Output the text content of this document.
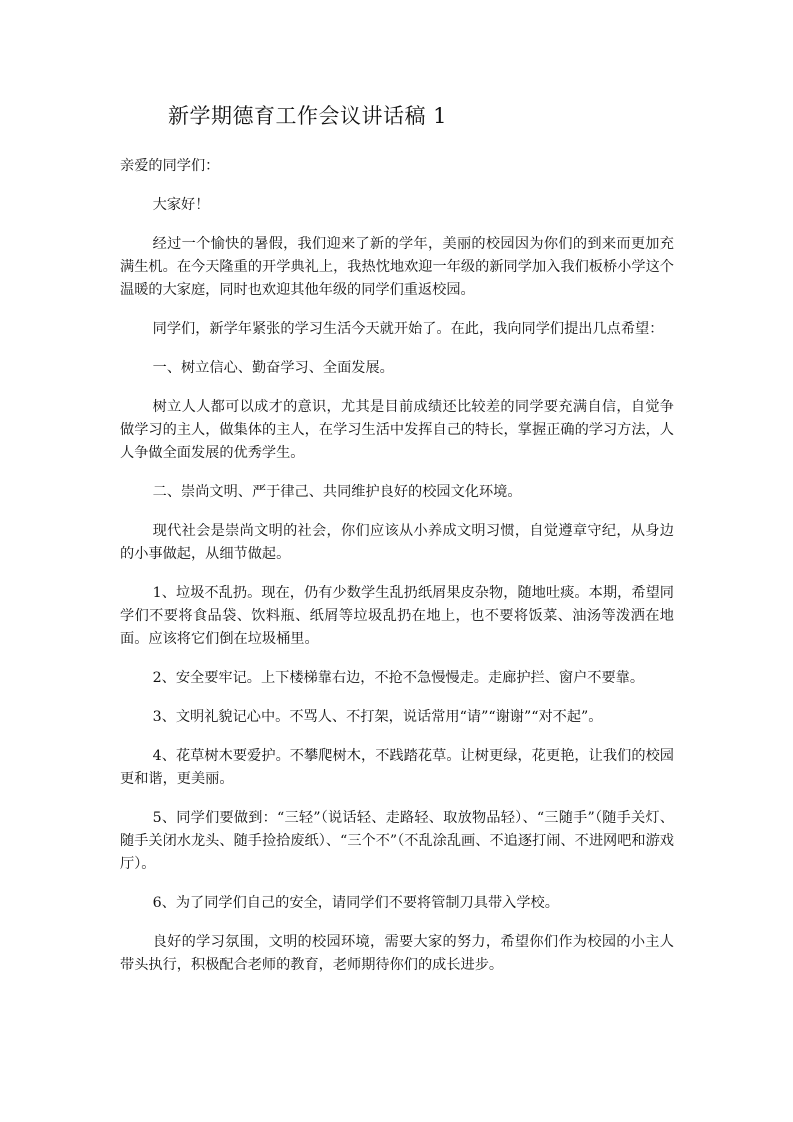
新学期德育工作会议讲话稿 1

亲爱的同学们：

大家好！

经过一个愉快的暑假，我们迎来了新的学年，美丽的校园因为你们的到来而更加充满生机。在今天隆重的开学典礼上，我热忱地欢迎一年级的新同学加入我们板桥小学这个温暖的大家庭，同时也欢迎其他年级的同学们重返校园。

同学们，新学年紧张的学习生活今天就开始了。在此，我向同学们提出几点希望：

一、树立信心、勤奋学习、全面发展。

树立人人都可以成才的意识，尤其是目前成绩还比较差的同学要充满自信，自觉争做学习的主人，做集体的主人，在学习生活中发挥自己的特长，掌握正确的学习方法，人人争做全面发展的优秀学生。

二、崇尚文明、严于律己、共同维护良好的校园文化环境。

现代社会是崇尚文明的社会，你们应该从小养成文明习惯，自觉遵章守纪，从身边的小事做起，从细节做起。

1、垃圾不乱扔。现在，仍有少数学生乱扔纸屑果皮杂物，随地吐痰。本期，希望同学们不要将食品袋、饮料瓶、纸屑等垃圾乱扔在地上，也不要将饭菜、油汤等泼洒在地面。应该将它们倒在垃圾桶里。

2、安全要牢记。上下楼梯靠右边，不抢不急慢慢走。走廊护拦、窗户不要靠。

3、文明礼貌记心中。不骂人、不打架，说话常用“请”“谢谢”“对不起”。

4、花草树木要爱护。不攀爬树木，不践踏花草。让树更绿，花更艳，让我们的校园更和谐，更美丽。

5、同学们要做到：“三轻”（说话轻、走路轻、取放物品轻）、“三随手”（随手关灯、随手关闭水龙头、随手捡拾废纸）、“三个不”（不乱涂乱画、不追逐打闹、不进网吧和游戏厅）。

6、为了同学们自己的安全，请同学们不要将管制刀具带入学校。

良好的学习氛围，文明的校园环境，需要大家的努力，希望你们作为校园的小主人带头执行，积极配合老师的教育，老师期待你们的成长进步。
